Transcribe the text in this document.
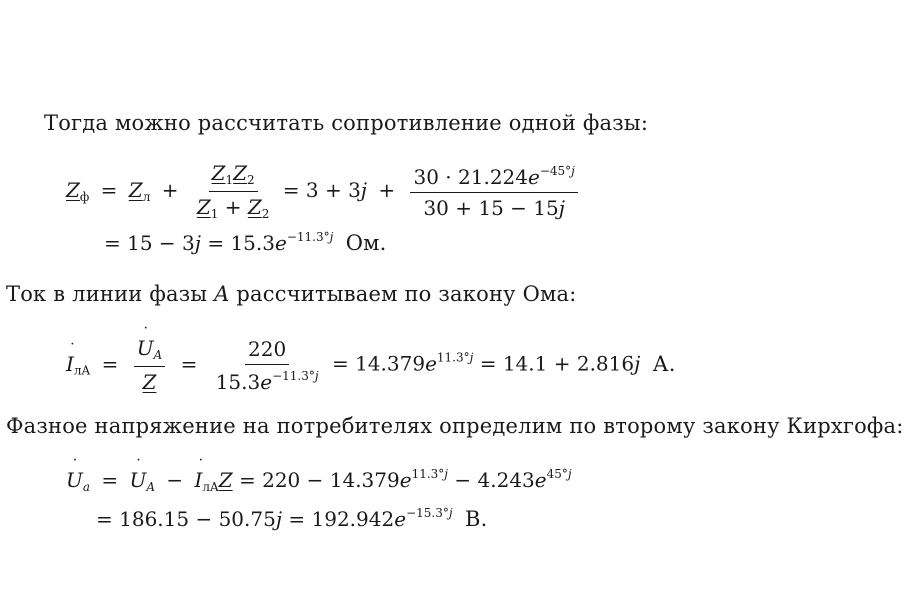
Тогда можно рассчитать сопротивление одной фазы:
$Z_ф = Z_л + \frac{Z_1Z_2}{Z_1 + Z_2} = 3 + 3j + \frac{30 \cdot 21.224e^{-45^\circ j}}{30 + 15 - 15j}$
= $15 - 3j = 15.3e^{-11.3^\circ j}$ Ом.
Ток в линии фазы A рассчитываем по закону Ома:
˙ $I_{лA}$ = ˙ $\frac{U_A}{Z} = \frac{220}{15.3e^{-11.3^\circ j}} = 14.379e^{11.3^\circ j} = 14.1 + 2.816j$ А.
Фазное напряжение на потребителях определим по второму закону Кирхгофа:
˙ $U_a$ = ˙ $U_A$ − ˙ $I_{лA}Z = 220 - 14.379e^{11.3^\circ j} - 4.243e^{45^\circ j}$
= $186.15 - 50.75j = 192.942e^{-15.3^\circ j}$ В.
